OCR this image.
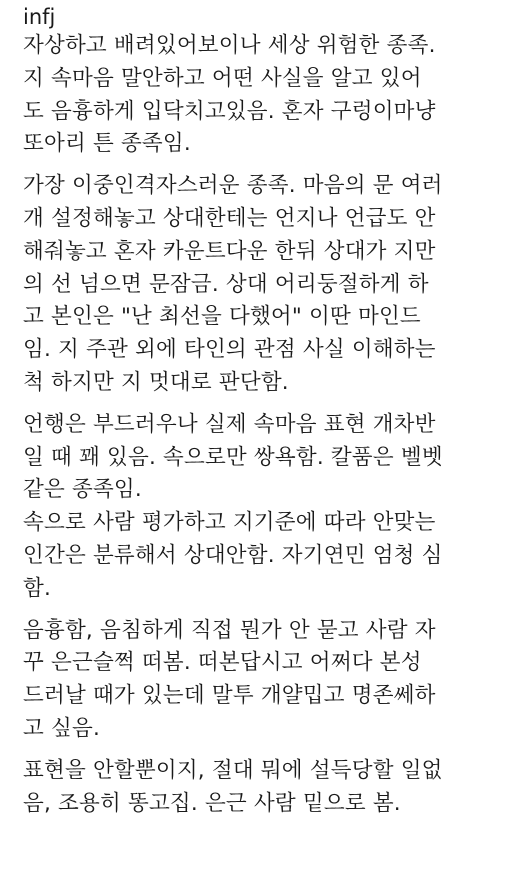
infj
자상하고 배려있어보이나 세상 위험한 종족.
지 속마음 말안하고 어떤 사실을 알고 있어
도 음흉하게 입닥치고있음. 혼자 구렁이마냥
또아리 튼 종족임.
가장 이중인격자스러운 종족. 마음의 문 여러
개 설정해놓고 상대한테는 언지나 언급도 안
해줘놓고 혼자 카운트다운 한뒤 상대가 지만
의 선 넘으면 문잠금. 상대 어리둥절하게 하
고 본인은 "난 최선을 다했어" 이딴 마인드
임. 지 주관 외에 타인의 관점 사실 이해하는
척 하지만 지 멋대로 판단함.
언행은 부드러우나 실제 속마음 표현 개차반
일 때 꽤 있음. 속으로만 쌍욕함. 칼품은 벨벳
같은 종족임.
속으로 사람 평가하고 지기준에 따라 안맞는
인간은 분류해서 상대안함. 자기연민 엄청 심
함.
음흉함, 음침하게 직접 뭔가 안 묻고 사람 자
꾸 은근슬쩍 떠봄. 떠본답시고 어쩌다 본성
드러날 때가 있는데 말투 개얄밉고 명존쎄하
고 싶음.
표현을 안할뿐이지, 절대 뭐에 설득당할 일없
음, 조용히 똥고집. 은근 사람 밑으로 봄.
